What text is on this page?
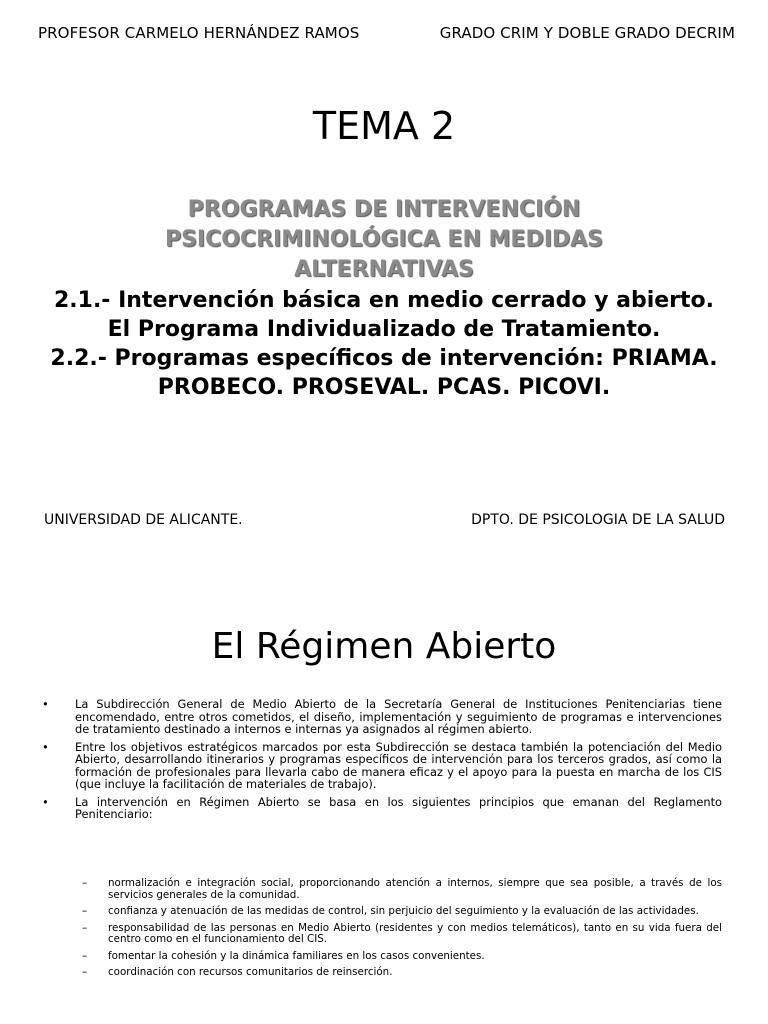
PROFESOR CARMELO HERNÁNDEZ RAMOS	GRADO CRIM Y DOBLE GRADO DECRIM
TEMA 2
PROGRAMAS DE INTERVENCIÓN
PSICOCRIMINOLÓGICA EN MEDIDAS
ALTERNATIVAS

2.1.- Intervención básica en medio cerrado y abierto. El Programa Individualizado de Tratamiento.

2.2.- Programas específicos de intervención: PRIAMA. PROBECO. PROSEVAL. PCAS. PICOVI.

UNIVERSIDAD DE ALICANTE.	DPTO. DE PSICOLOGIA DE LA SALUD
El Régimen Abierto
• La Subdirección General de Medio Abierto de la Secretaría General de Instituciones Penitenciarias tiene encomendado, entre otros cometidos, el diseño, implementación y seguimiento de programas e intervenciones de tratamiento destinado a internos e internas ya asignados al régimen abierto.
• Entre los objetivos estratégicos marcados por esta Subdirección se destaca también la potenciación del Medio Abierto, desarrollando itinerarios y programas específicos de intervención para los terceros grados, así como la formación de profesionales para llevarla cabo de manera eficaz y el apoyo para la puesta en marcha de los CIS (que incluye la facilitación de materiales de trabajo).
• La intervención en Régimen Abierto se basa en los siguientes principios que emanan del Reglamento Penitenciario:
– normalización e integración social, proporcionando atención a internos, siempre que sea posible, a través de los servicios generales de la comunidad.
– confianza y atenuación de las medidas de control, sin perjuicio del seguimiento y la evaluación de las actividades.
– responsabilidad de las personas en Medio Abierto (residentes y con medios telemáticos), tanto en su vida fuera del centro como en el funcionamiento del CIS.
– fomentar la cohesión y la dinámica familiares en los casos convenientes.
– coordinación con recursos comunitarios de reinserción.
